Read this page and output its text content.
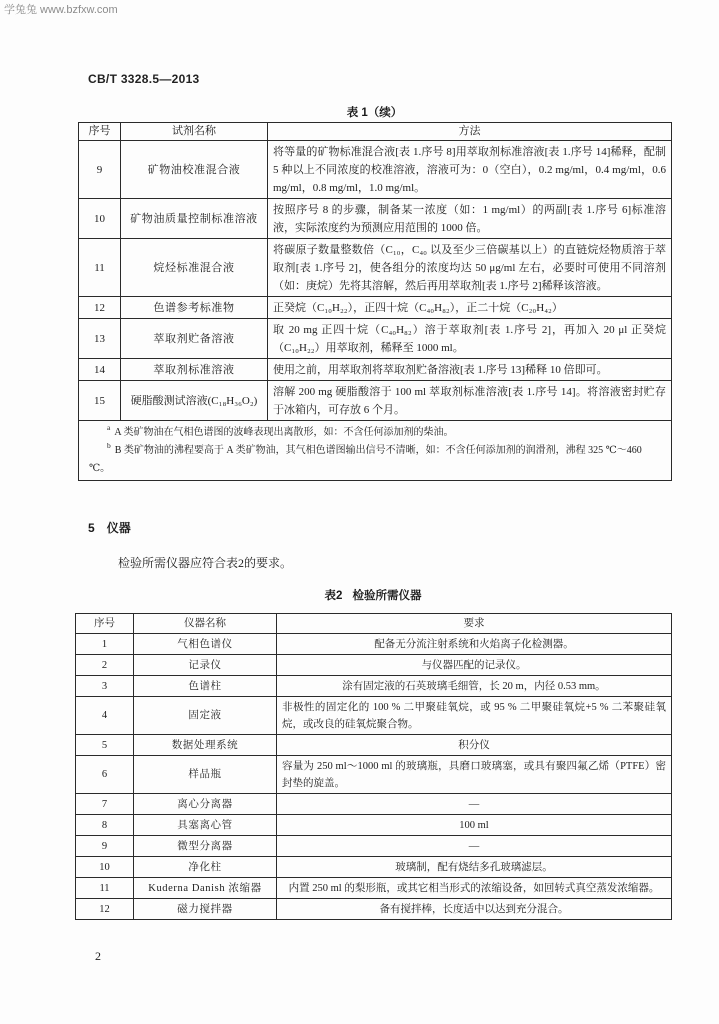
学兔兔 www.bzfxw.com
CB/T 3328.5—2013
表 1（续）
序号	试剂名称	方法
9	矿物油校准混合液	将等量的矿物标准混合液[表 1.序号 8]用萃取剂标准溶液[表 1.序号 14]稀释，配制 5 种以上不同浓度的校准溶液，溶液可为：0（空白），0.2 mg/ml，0.4 mg/ml，0.6 mg/ml，0.8 mg/ml，1.0 mg/ml。
10	矿物油质量控制标准溶液	按照序号 8 的步骤，制备某一浓度（如：1 mg/ml）的两副[表 1.序号 6]标准溶液，实际浓度约为预测应用范围的 1000 倍。
11	烷烃标准混合液	将碳原子数量整数倍（C₁₀，C₄₀ 以及至少三倍碳基以上）的直链烷烃物质溶于萃取剂[表 1.序号 2]，使各组分的浓度均达 50 μg/ml 左右，必要时可使用不同溶剂（如：庚烷）先将其溶解，然后再用萃取剂[表 1.序号 2]稀释该溶液。
12	色谱参考标准物	正癸烷（C₁₀H₂₂），正四十烷（C₄₀H₈₂），正二十烷（C₂₀H₄₂）
13	萃取剂贮备溶液	取 20 mg 正四十烷（C₄₀H₈₂）溶于萃取剂[表 1.序号 2]，再加入 20 μl 正癸烷（C₁₀H₂₂）用萃取剂，稀释至 1000 ml。
14	萃取剂标准溶液	使用之前，用萃取剂将萃取剂贮备溶液[表 1.序号 13]稀释 10 倍即可。
15	硬脂酸测试溶液(C₁₈H₃₆O₂)	溶解 200 mg 硬脂酸溶于 100 ml 萃取剂标准溶液[表 1.序号 14]。将溶液密封贮存于冰箱内，可存放 6 个月。

$^a$ A 类矿物油在气相色谱图的波峰表现出离散形，如：不含任何添加剂的柴油。

$^b$ B 类矿物油的沸程要高于 A 类矿物油，其气相色谱图输出信号不清晰，如：不含任何添加剂的润滑剂，沸程 325 ℃～460 ℃。		

5 仪器

检验所需仪器应符合表2的要求。

表2 检验所需仪器
序号	仪器名称	要求
1	气相色谱仪	配备无分流注射系统和火焰离子化检测器。
2	记录仪	与仪器匹配的记录仪。
3	色谱柱	涂有固定液的石英玻璃毛细管，长 20 m，内径 0.53 mm。
4	固定液	非极性的固定化的 100 % 二甲聚硅氧烷，或 95 % 二甲聚硅氧烷+5 % 二苯聚硅氧烷，或改良的硅氧烷聚合物。
5	数据处理系统	积分仪
6	样品瓶	容量为 250 ml～1000 ml 的玻璃瓶，具磨口玻璃塞，或具有聚四氟乙烯（PTFE）密封垫的旋盖。
7	离心分离器	—
8	具塞离心管	100 ml
9	微型分离器	—
10	净化柱	玻璃制，配有烧结多孔玻璃滤层。
11	Kuderna Danish 浓缩器	内置 250 ml 的梨形瓶，或其它相当形式的浓缩设备，如回转式真空蒸发浓缩器。
12	磁力搅拌器	备有搅拌棒，长度适中以达到充分混合。
2
